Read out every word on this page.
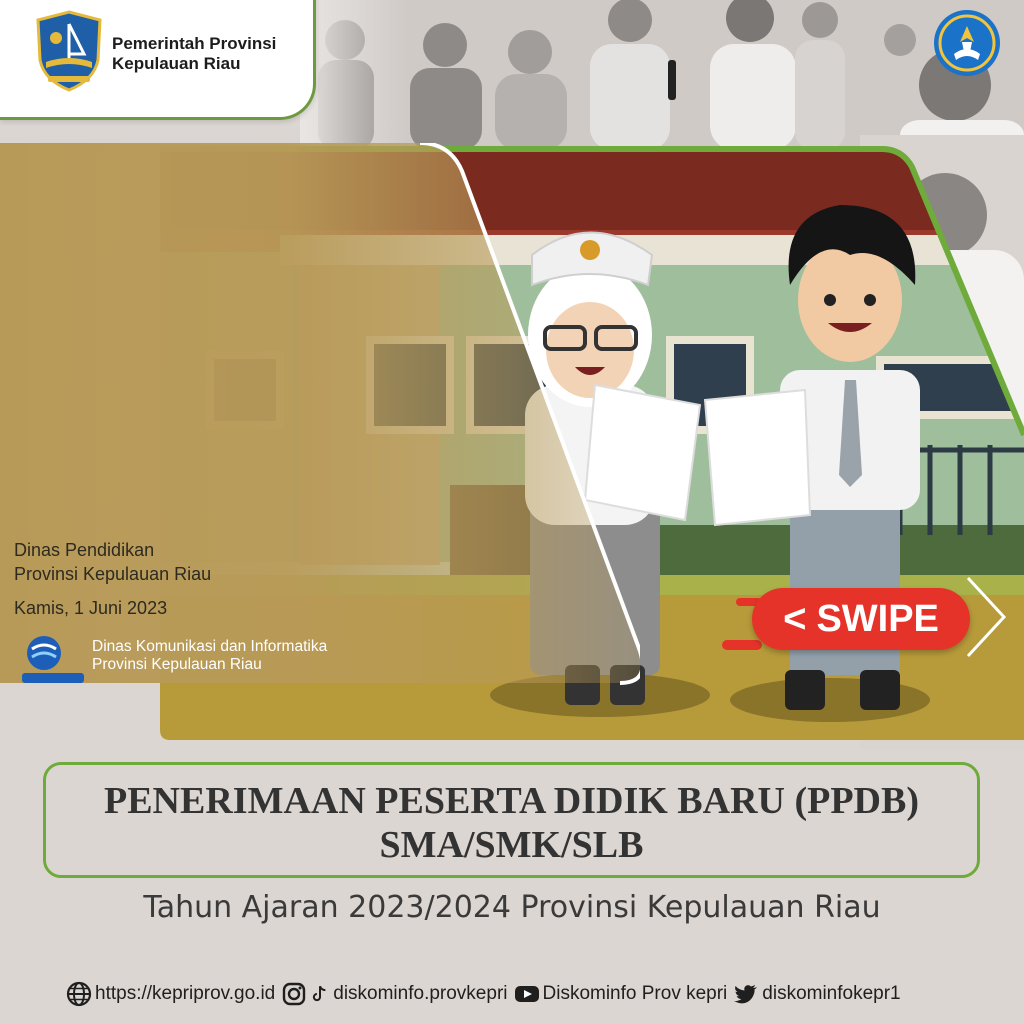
Pemerintah Provinsi
Kepulauan Riau
Dinas Pendidikan
Provinsi Kepulauan Riau
Kamis, 1 Juni 2023
Dinas Komunikasi dan Informatika
Provinsi Kepulauan Riau
< SWIPE
PENERIMAAN PESERTA DIDIK BARU (PPDB)
SMA/SMK/SLB
Tahun Ajaran 2023/2024 Provinsi Kepulauan Riau
https://kepriprov.go.id	diskominfo.provkepri Diskominfo Prov kepri diskominfokepr1
